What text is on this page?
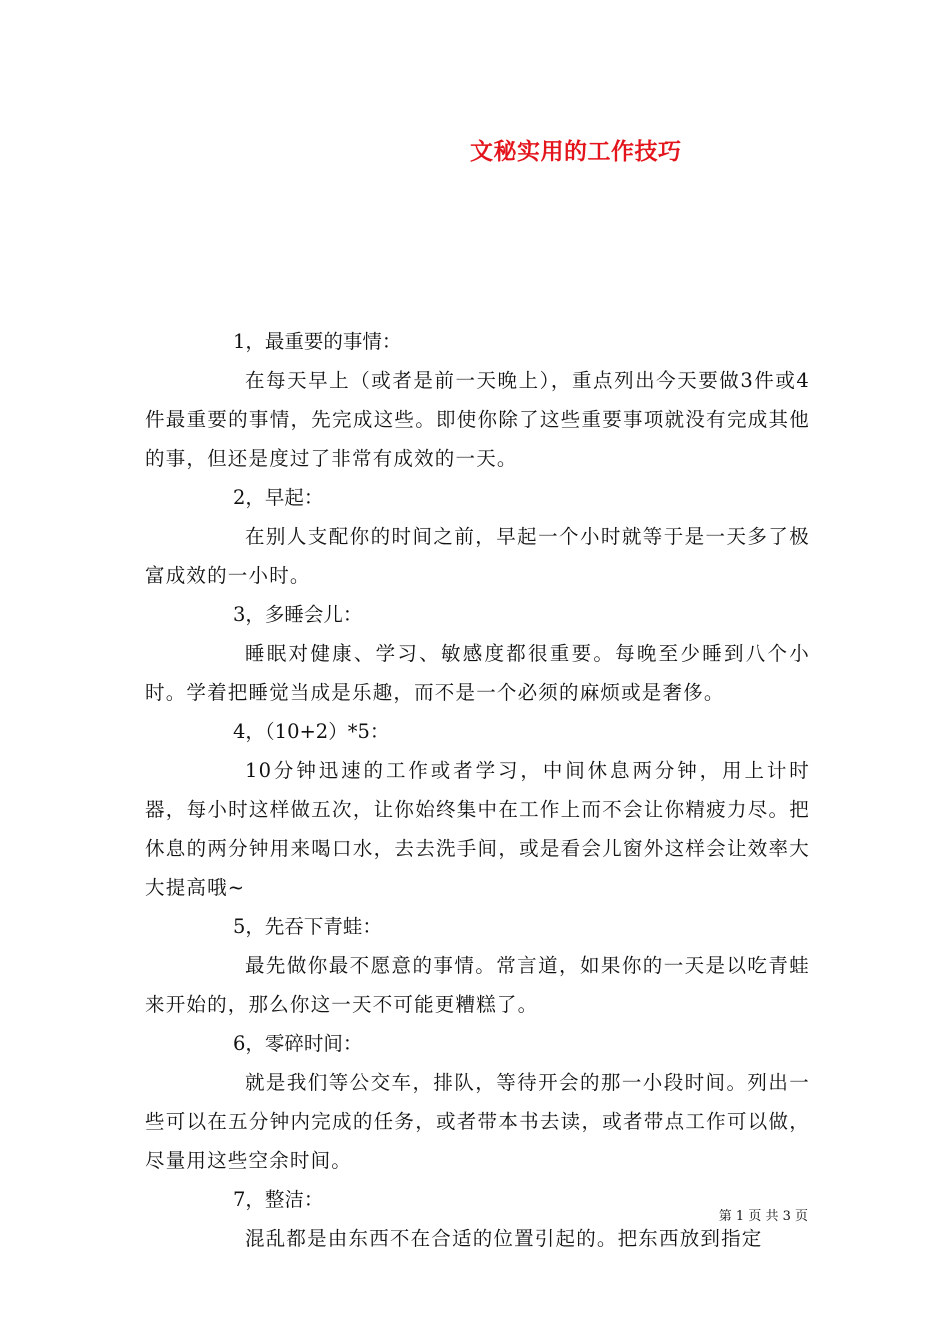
文秘实用的工作技巧

1，最重要的事情：

在每天早上（或者是前一天晚上），重点列出今天要做3件或4件最重要的事情，先完成这些。即使你除了这些重要事项就没有完成其他的事，但还是度过了非常有成效的一天。

2，早起：

在别人支配你的时间之前，早起一个小时就等于是一天多了极富成效的一小时。

3，多睡会儿：

睡眠对健康、学习、敏感度都很重要。每晚至少睡到八个小时。学着把睡觉当成是乐趣，而不是一个必须的麻烦或是奢侈。

4，（10+2）*5：

10分钟迅速的工作或者学习，中间休息两分钟，用上计时器，每小时这样做五次，让你始终集中在工作上而不会让你精疲力尽。把休息的两分钟用来喝口水，去去洗手间，或是看会儿窗外这样会让效率大大提高哦~

5，先吞下青蛙：

最先做你最不愿意的事情。常言道，如果你的一天是以吃青蛙来开始的，那么你这一天不可能更糟糕了。

6，零碎时间：

就是我们等公交车，排队，等待开会的那一小段时间。列出一些可以在五分钟内完成的任务，或者带本书去读，或者带点工作可以做，尽量用这些空余时间。

7，整洁：

混乱都是由东西不在合适的位置引起的。把东西放到指定

第 1 页 共 3 页
